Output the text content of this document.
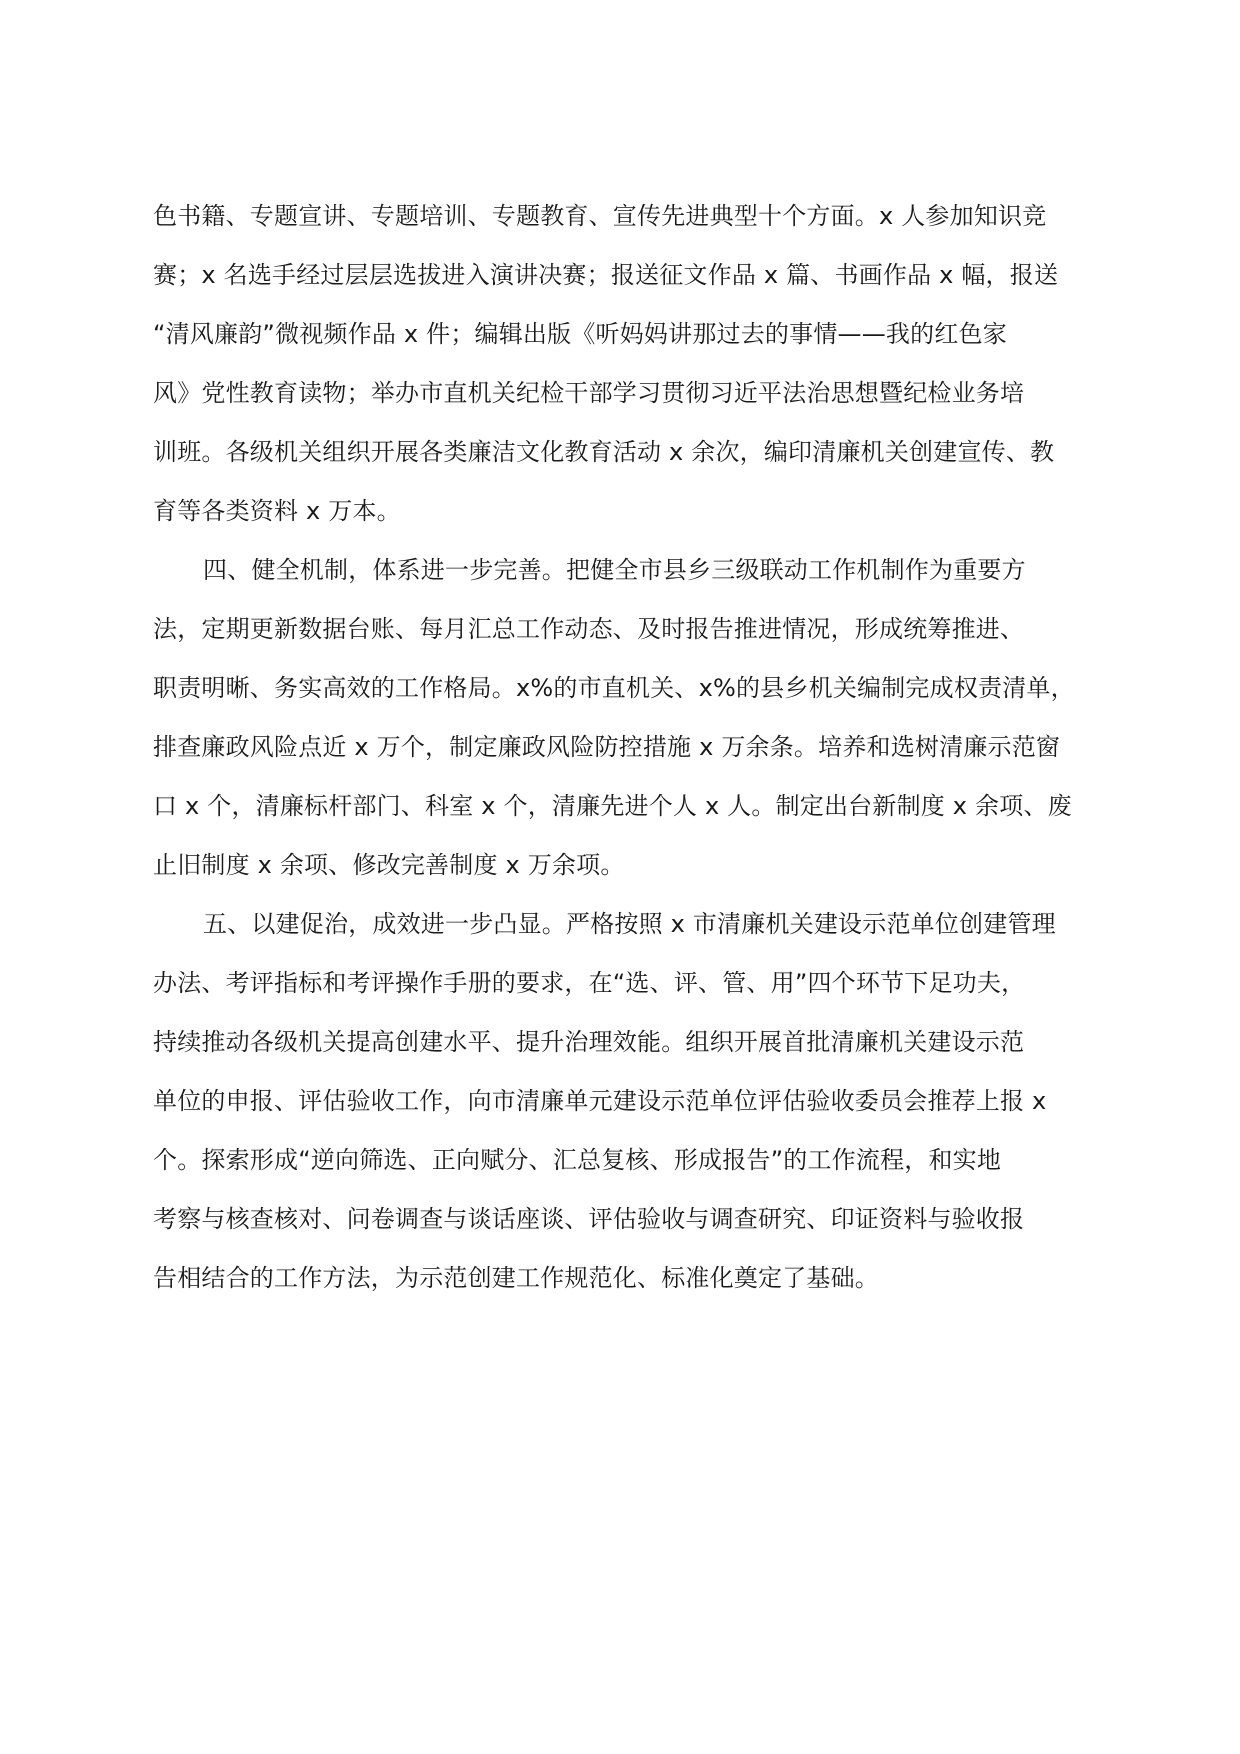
色书籍、专题宣讲、专题培训、专题教育、宣传先进典型十个方面。x 人参加知识竞
赛；x 名选手经过层层选拔进入演讲决赛；报送征文作品 x 篇、书画作品 x 幅，报送
“清风廉韵”微视频作品 x 件；编辑出版《听妈妈讲那过去的事情——我的红色家
风》党性教育读物；举办市直机关纪检干部学习贯彻习近平法治思想暨纪检业务培
训班。各级机关组织开展各类廉洁文化教育活动 x 余次，编印清廉机关创建宣传、教
育等各类资料 x 万本。
四、健全机制，体系进一步完善。把健全市县乡三级联动工作机制作为重要方
法，定期更新数据台账、每月汇总工作动态、及时报告推进情况，形成统筹推进、
职责明晰、务实高效的工作格局。x%的市直机关、x%的县乡机关编制完成权责清单，
排查廉政风险点近 x 万个，制定廉政风险防控措施 x 万余条。培养和选树清廉示范窗
口 x 个，清廉标杆部门、科室 x 个，清廉先进个人 x 人。制定出台新制度 x 余项、废
止旧制度 x 余项、修改完善制度 x 万余项。
五、以建促治，成效进一步凸显。严格按照 x 市清廉机关建设示范单位创建管理
办法、考评指标和考评操作手册的要求，在“选、评、管、用”四个环节下足功夫，
持续推动各级机关提高创建水平、提升治理效能。组织开展首批清廉机关建设示范
单位的申报、评估验收工作，向市清廉单元建设示范单位评估验收委员会推荐上报 x
个。探索形成“逆向筛选、正向赋分、汇总复核、形成报告”的工作流程，和实地
考察与核查核对、问卷调查与谈话座谈、评估验收与调查研究、印证资料与验收报
告相结合的工作方法，为示范创建工作规范化、标准化奠定了基础。
